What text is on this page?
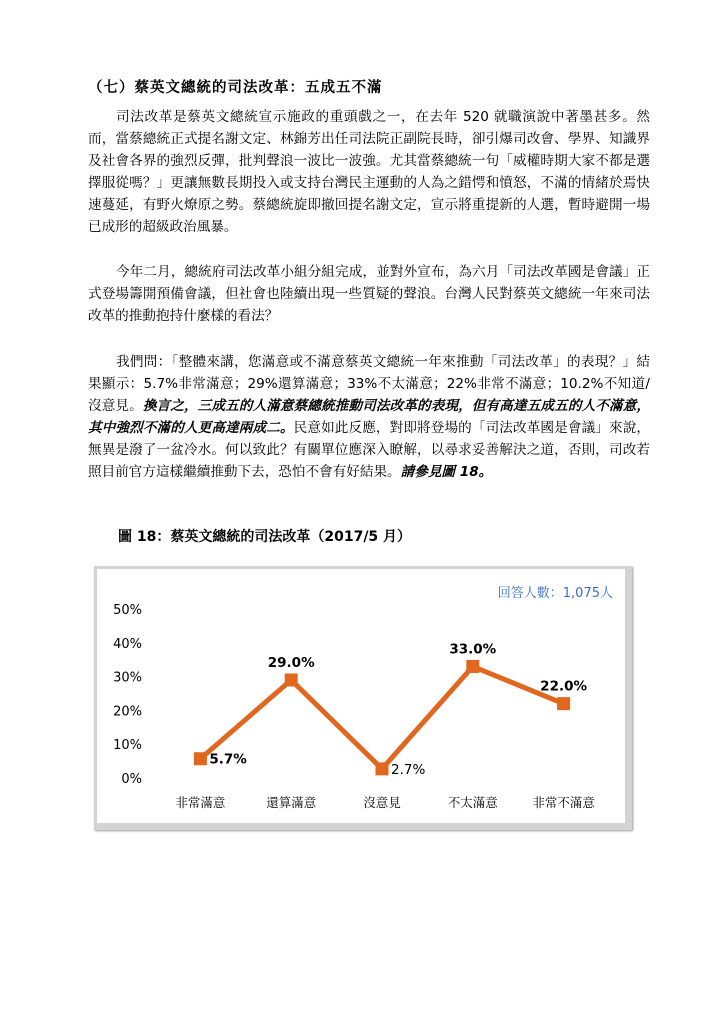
（七）蔡英文總統的司法改革：五成五不滿
司法改革是蔡英文總統宣示施政的重頭戲之一，在去年 520 就職演說中著墨甚多。然而，當蔡總統正式提名謝文定、林錦芳出任司法院正副院長時，卻引爆司改會、學界、知識界及社會各界的強烈反彈，批判聲浪一波比一波強。尤其當蔡總統一句「威權時期大家不都是選擇服從嗎？」更讓無數長期投入或支持台灣民主運動的人為之錯愕和憤怒，不滿的情緒於焉快速蔓延，有野火燎原之勢。蔡總統旋即撤回提名謝文定，宣示將重提新的人選，暫時避開一場已成形的超級政治風暴。
今年二月，總統府司法改革小組分組完成，並對外宣布，為六月「司法改革國是會議」正式登場籌開預備會議，但社會也陸續出現一些質疑的聲浪。台灣人民對蔡英文總統一年來司法改革的推動抱持什麼樣的看法？
我們問：「整體來講，您滿意或不滿意蔡英文總統一年來推動「司法改革」的表現？」結果顯示：5.7%非常滿意；29%還算滿意；33%不太滿意；22%非常不滿意；10.2%不知道/沒意見。換言之，三成五的人滿意蔡總統推動司法改革的表現，但有高達五成五的人不滿意，其中強烈不滿的人更高達兩成二。民意如此反應，對即將登場的「司法改革國是會議」來說，無異是潑了一盆冷水。何以致此？有關單位應深入瞭解，以尋求妥善解決之道，否則，司改若照目前官方這樣繼續推動下去，恐怕不會有好結果。請參見圖 18。
圖 18：蔡英文總統的司法改革（2017/5 月）
回答人數：1,075人
0%
10%
20%
30%
40%
50%
非常滿意	還算滿意	沒意見	不太滿意	非常不滿意
5.7%
29.0%
2.7%
33.0%
22.0%
